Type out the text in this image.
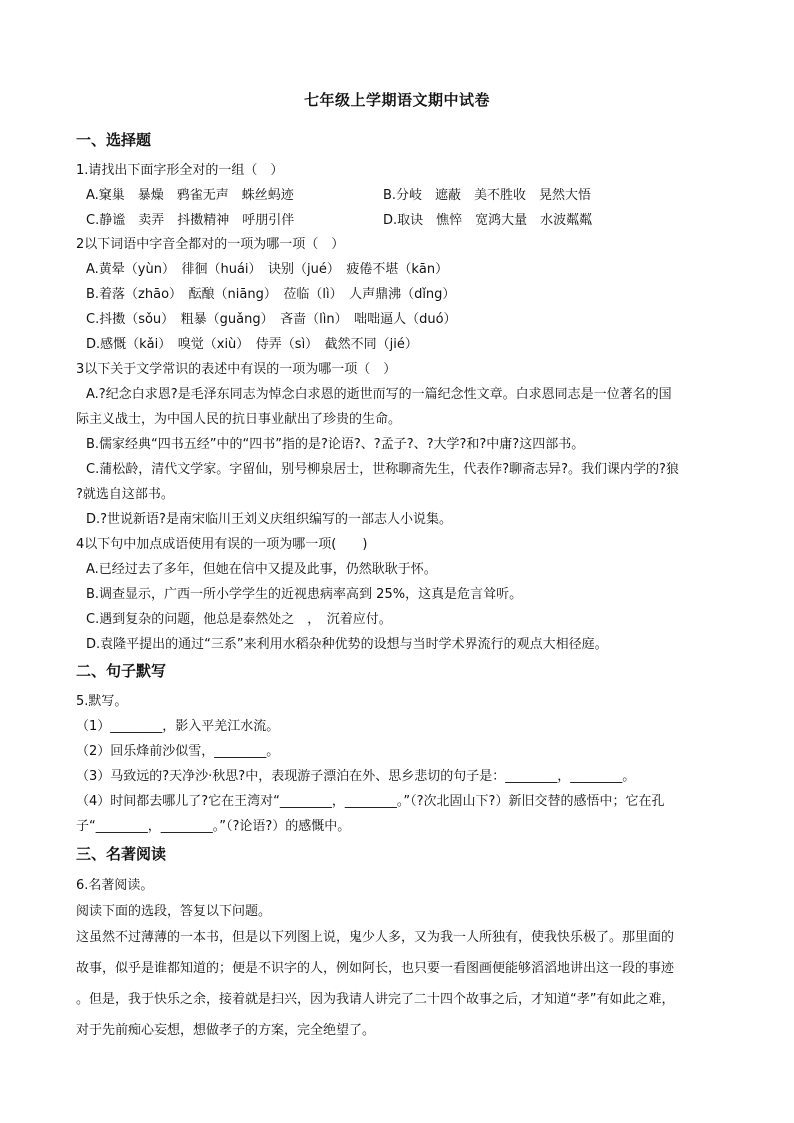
七年级上学期语文期中试卷
一、选择题
1.请找出下面字形全对的一组（　）
A.窠巢　暴燥　鸦雀无声　蛛丝蚂迹	B.分岐　遮蔽　美不胜收　晃然大悟
C.静谧　卖弄　抖擞精神　呼朋引伴	D.取诀　憔悴　宽鸿大量　水波粼粼
2以下词语中字音全都对的一项为哪一项（　）
A.黄晕（yùn）　徘徊（huái）　诀别（jué）　疲倦不堪（kān）
B.着落（zhāo）　酝酿（niāng）　莅临（lì）　人声鼎沸（dǐng）
C.抖擞（sǒu）　粗暴（guǎng）　吝啬（lìn）　咄咄逼人（duó）
D.感慨（kǎi）　嗅觉（xiù）　侍弄（sì）　截然不同（jié）
3以下关于文学常识的表述中有误的一项为哪一项（　）
A.?纪念白求恩?是毛泽东同志为悼念白求恩的逝世而写的一篇纪念性文章。白求恩同志是一位著名的国
际主义战士，为中国人民的抗日事业献出了珍贵的生命。
B.儒家经典“四书五经”中的“四书”指的是?论语?、?孟子?、?大学?和?中庸?这四部书。
C.蒲松龄，清代文学家。字留仙，别号柳泉居士，世称聊斋先生，代表作?聊斋志异?。我们课内学的?狼
?就选自这部书。
D.?世说新语?是南宋临川王刘义庆组织编写的一部志人小说集。
4以下句中加点成语使用有误的一项为哪一项(　　)
A.已经过去了多年，但她在信中又提及此事，仍然耿耿于怀。
B.调查显示，广西一所小学学生的近视患病率高到 25%，这真是危言耸听。
C.遇到复杂的问题，他总是泰然处之　，　沉着应付。
D.袁隆平提出的通过“三系”来利用水稻杂种优势的设想与当时学术界流行的观点大相径庭。
二、句子默写
5.默写。
（1）________，影入平羌江水流。
（2）回乐烽前沙似雪，________。
（3）马致远的?天净沙·秋思?中，表现游子漂泊在外、思乡悲切的句子是：________，________。
（4）时间都去哪儿了?它在王湾对“________，________。”（?次北固山下?）新旧交替的感悟中；它在孔
子“________，________。”（?论语?）的感慨中。
三、名著阅读
6.名著阅读。
阅读下面的选段，答复以下问题。
这虽然不过薄薄的一本书，但是以下列图上说，鬼少人多，又为我一人所独有，使我快乐极了。那里面的
故事，似乎是谁都知道的；便是不识字的人，例如阿长，也只要一看图画便能够滔滔地讲出这一段的事迹
。但是，我于快乐之余，接着就是扫兴，因为我请人讲完了二十四个故事之后，才知道“孝”有如此之难，
对于先前痴心妄想，想做孝子的方案，完全绝望了。
